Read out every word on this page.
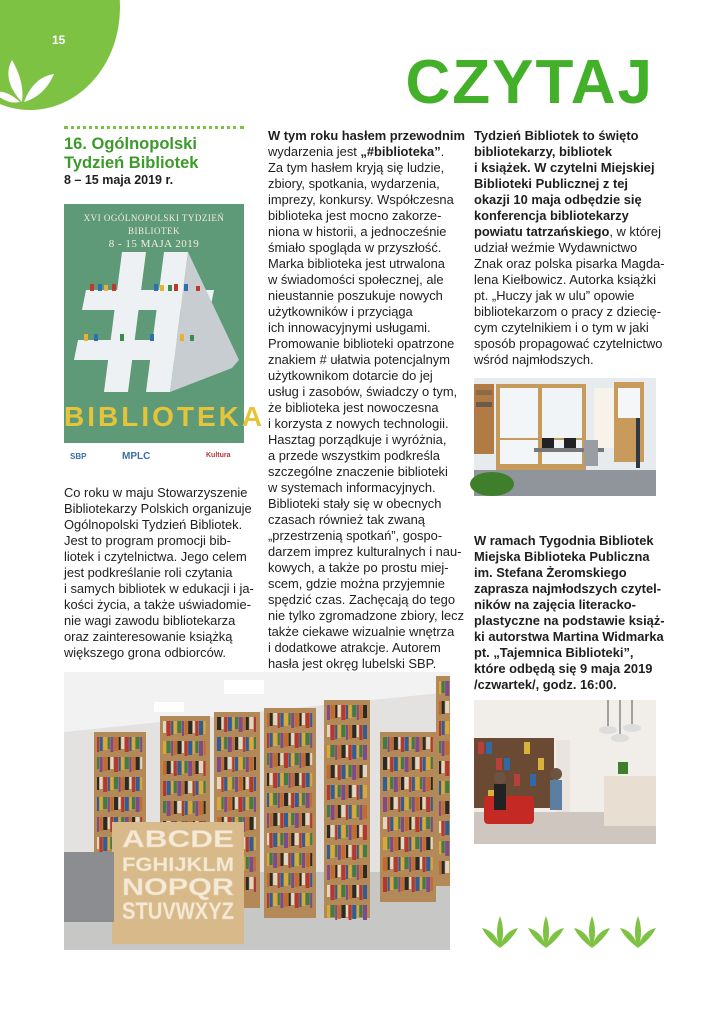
15
CZYTAJ
16. Ogólnopolski Tydzień Bibliotek
8 – 15 maja 2019 r.
XVI OGÓLNOPOLSKI TYDZIEŃ BIBLIOTEK
8 - 15 MAJA 2019
BIBLIOTEKA
SBP	MPLC	Kultura

Co roku w maju Stowarzyszenie

Bibliotekarzy Polskich organizuje

Ogólnopolski Tydzień Bibliotek.

Jest to program promocji bib-

liotek i czytelnictwa. Jego celem

jest podkreślanie roli czytania

i samych bibliotek w edukacji i ja-

kości życia, a także uświadomie-

nie wagi zawodu bibliotekarza

oraz zainteresowanie książką

większego grona odbiorców.

W tym roku hasłem przewodnim

wydarzenia jest „#biblioteka”.

Za tym hasłem kryją się ludzie,

zbiory, spotkania, wydarzenia,

imprezy, konkursy. Współczesna

biblioteka jest mocno zakorze-

niona w historii, a jednocześnie

śmiało spogląda w przyszłość.

Marka biblioteka jest utrwalona

w świadomości społecznej, ale

nieustannie poszukuje nowych

użytkowników i przyciąga

ich innowacyjnymi usługami.

Promowanie biblioteki opatrzone

znakiem # ułatwia potencjalnym

użytkownikom dotarcie do jej

usług i zasobów, świadczy o tym,

że biblioteka jest nowoczesna

i korzysta z nowych technologii.

Hasztag porządkuje i wyróżnia,

a przede wszystkim podkreśla

szczególne znaczenie biblioteki

w systemach informacyjnych.

Biblioteki stały się w obecnych

czasach również tak zwaną

„przestrzenią spotkań”, gospo-

darzem imprez kulturalnych i nau-

kowych, a także po prostu miej-

scem, gdzie można przyjemnie

spędzić czas. Zachęcają do tego

nie tylko zgromadzone zbiory, lecz

także ciekawe wizualnie wnętrza

i dodatkowe atrakcje. Autorem

hasła jest okręg lubelski SBP.

Tydzień Bibliotek to święto

bibliotekarzy, bibliotek

i książek. W czytelni Miejskiej

Biblioteki Publicznej z tej

okazji 10 maja odbędzie się

konferencja bibliotekarzy

powiatu tatrzańskiego, w której

udział weźmie Wydawnictwo

Znak oraz polska pisarka Magda-

lena Kiełbowicz. Autorka książki

pt. „Huczy jak w ulu” opowie

bibliotekarzom o pracy z dziecię-

cym czytelnikiem i o tym w jaki

sposób propagować czytelnictwo

wśród najmłodszych.

ABCDE
FGHIJKLM
NOPQR
STUVWXYZ

W ramach Tygodnia Bibliotek

Miejska Biblioteka Publiczna

im. Stefana Żeromskiego

zaprasza najmłodszych czytel-

ników na zajęcia literacko-

plastyczne na podstawie książ-

ki autorstwa Martina Widmarka

pt. „Tajemnica Biblioteki”,

które odbędą się 9 maja 2019

/czwartek/, godz. 16:00.
